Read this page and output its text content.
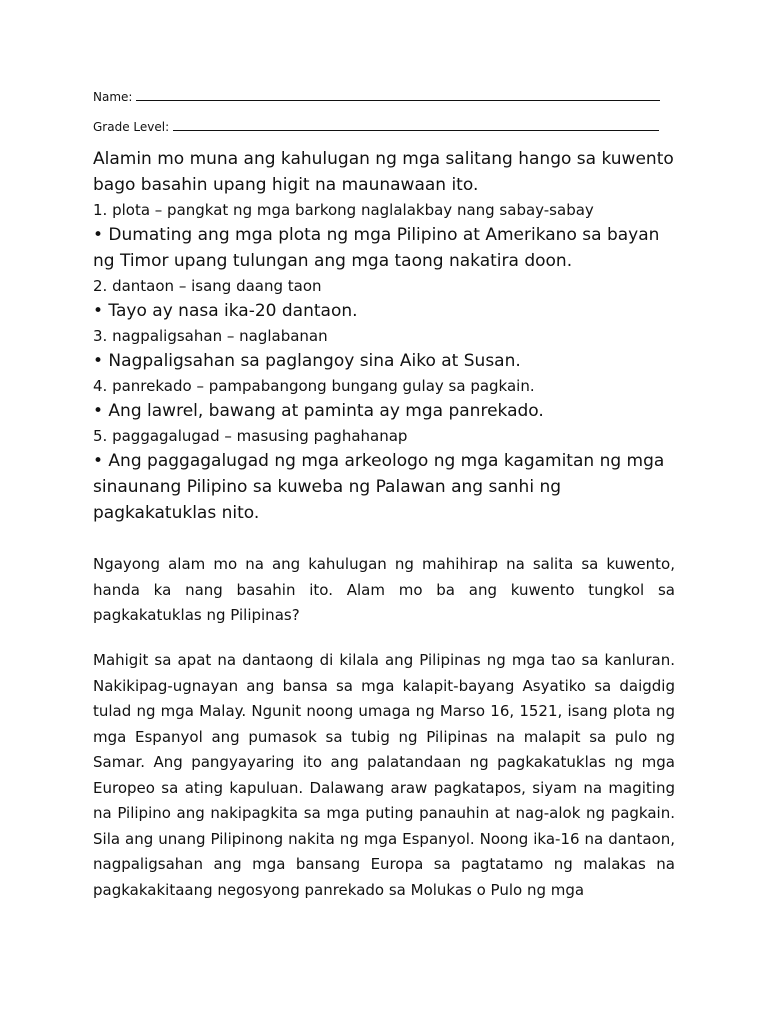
Name:
Grade Level:

Alamin mo muna ang kahulugan ng mga salitang hango sa kuwento

bago basahin upang higit na maunawaan ito.

1. plota – pangkat ng mga barkong naglalakbay nang sabay-sabay

• Dumating ang mga plota ng mga Pilipino at Amerikano sa bayan

ng Timor upang tulungan ang mga taong nakatira doon.

2. dantaon – isang daang taon

• Tayo ay nasa ika-20 dantaon.

3. nagpaligsahan – naglabanan

• Nagpaligsahan sa paglangoy sina Aiko at Susan.

4. panrekado – pampabangong bungang gulay sa pagkain.

• Ang lawrel, bawang at paminta ay mga panrekado.

5. paggagalugad – masusing paghahanap

• Ang paggagalugad ng mga arkeologo ng mga kagamitan ng mga

sinaunang Pilipino sa kuweba ng Palawan ang sanhi ng

pagkakatuklas nito.

Ngayong alam mo na ang kahulugan ng mahihirap na salita sa kuwento, handa ka nang basahin ito. Alam mo ba ang kuwento tungkol sa pagkakatuklas ng Pilipinas?

Mahigit sa apat na dantaong di kilala ang Pilipinas ng mga tao sa kanluran. Nakikipag-ugnayan ang bansa sa mga kalapit-bayang Asyatiko sa daigdig tulad ng mga Malay. Ngunit noong umaga ng Marso 16, 1521, isang plota ng mga Espanyol ang pumasok sa tubig ng Pilipinas na malapit sa pulo ng Samar. Ang pangyayaring ito ang palatandaan ng pagkakatuklas ng mga Europeo sa ating kapuluan. Dalawang araw pagkatapos, siyam na magiting na Pilipino ang nakipagkita sa mga puting panauhin at nag-alok ng pagkain. Sila ang unang Pilipinong nakita ng mga Espanyol. Noong ika-16 na dantaon, nagpaligsahan ang mga bansang Europa sa pagtatamo ng malakas na pagkakakitaang negosyong panrekado sa Molukas o Pulo ng mga
